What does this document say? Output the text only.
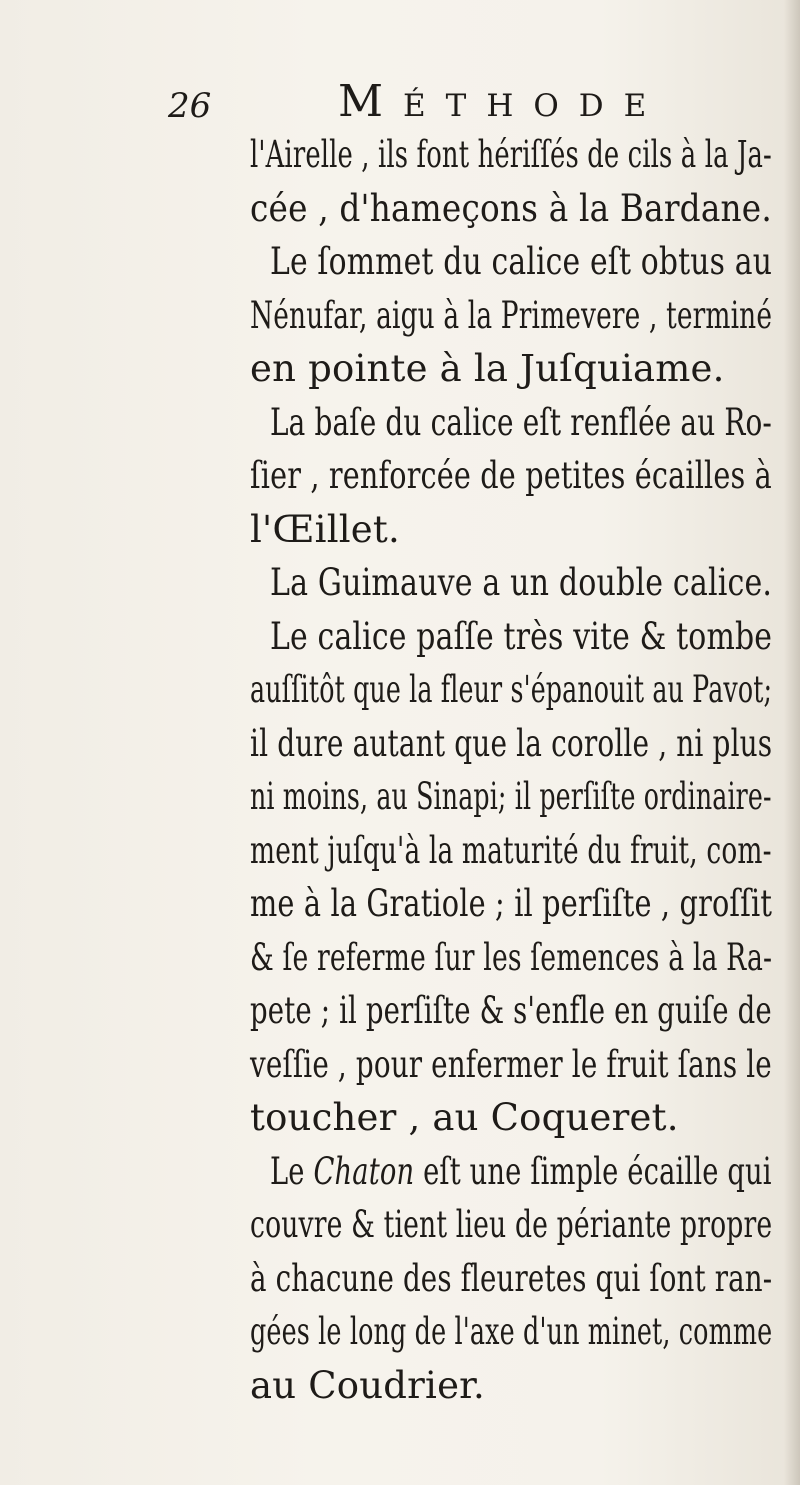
26	Méthode
l'Airelle , ils font hériſſés de cils à la Ja-
cée , d'hameçons à la Bardane.
Le ſommet du calice eſt obtus au
Nénufar, aigu à la Primevere , terminé
en pointe à la Juſquiame.
La baſe du calice eſt renflée au Ro-
ſier , renforcée de petites écailles à
l'Œillet.
La Guimauve a un double calice.
Le calice paſſe très vite & tombe
auſſitôt que la fleur s'épanouit au Pavot;
il dure autant que la corolle , ni plus
ni moins, au Sinapi; il perſiſte ordinaire-
ment juſqu'à la maturité du fruit, com-
me à la Gratiole ; il perſiſte , groſſit
& ſe referme ſur les ſemences à la Ra-
pete ; il perſiſte & s'enfle en guiſe de
veſſie , pour enfermer le fruit ſans le
toucher , au Coqueret.
Le Chaton eſt une ſimple écaille qui
couvre & tient lieu de périante propre
à chacune des fleuretes qui ſont ran-
gées le long de l'axe d'un minet, comme
au Coudrier.
